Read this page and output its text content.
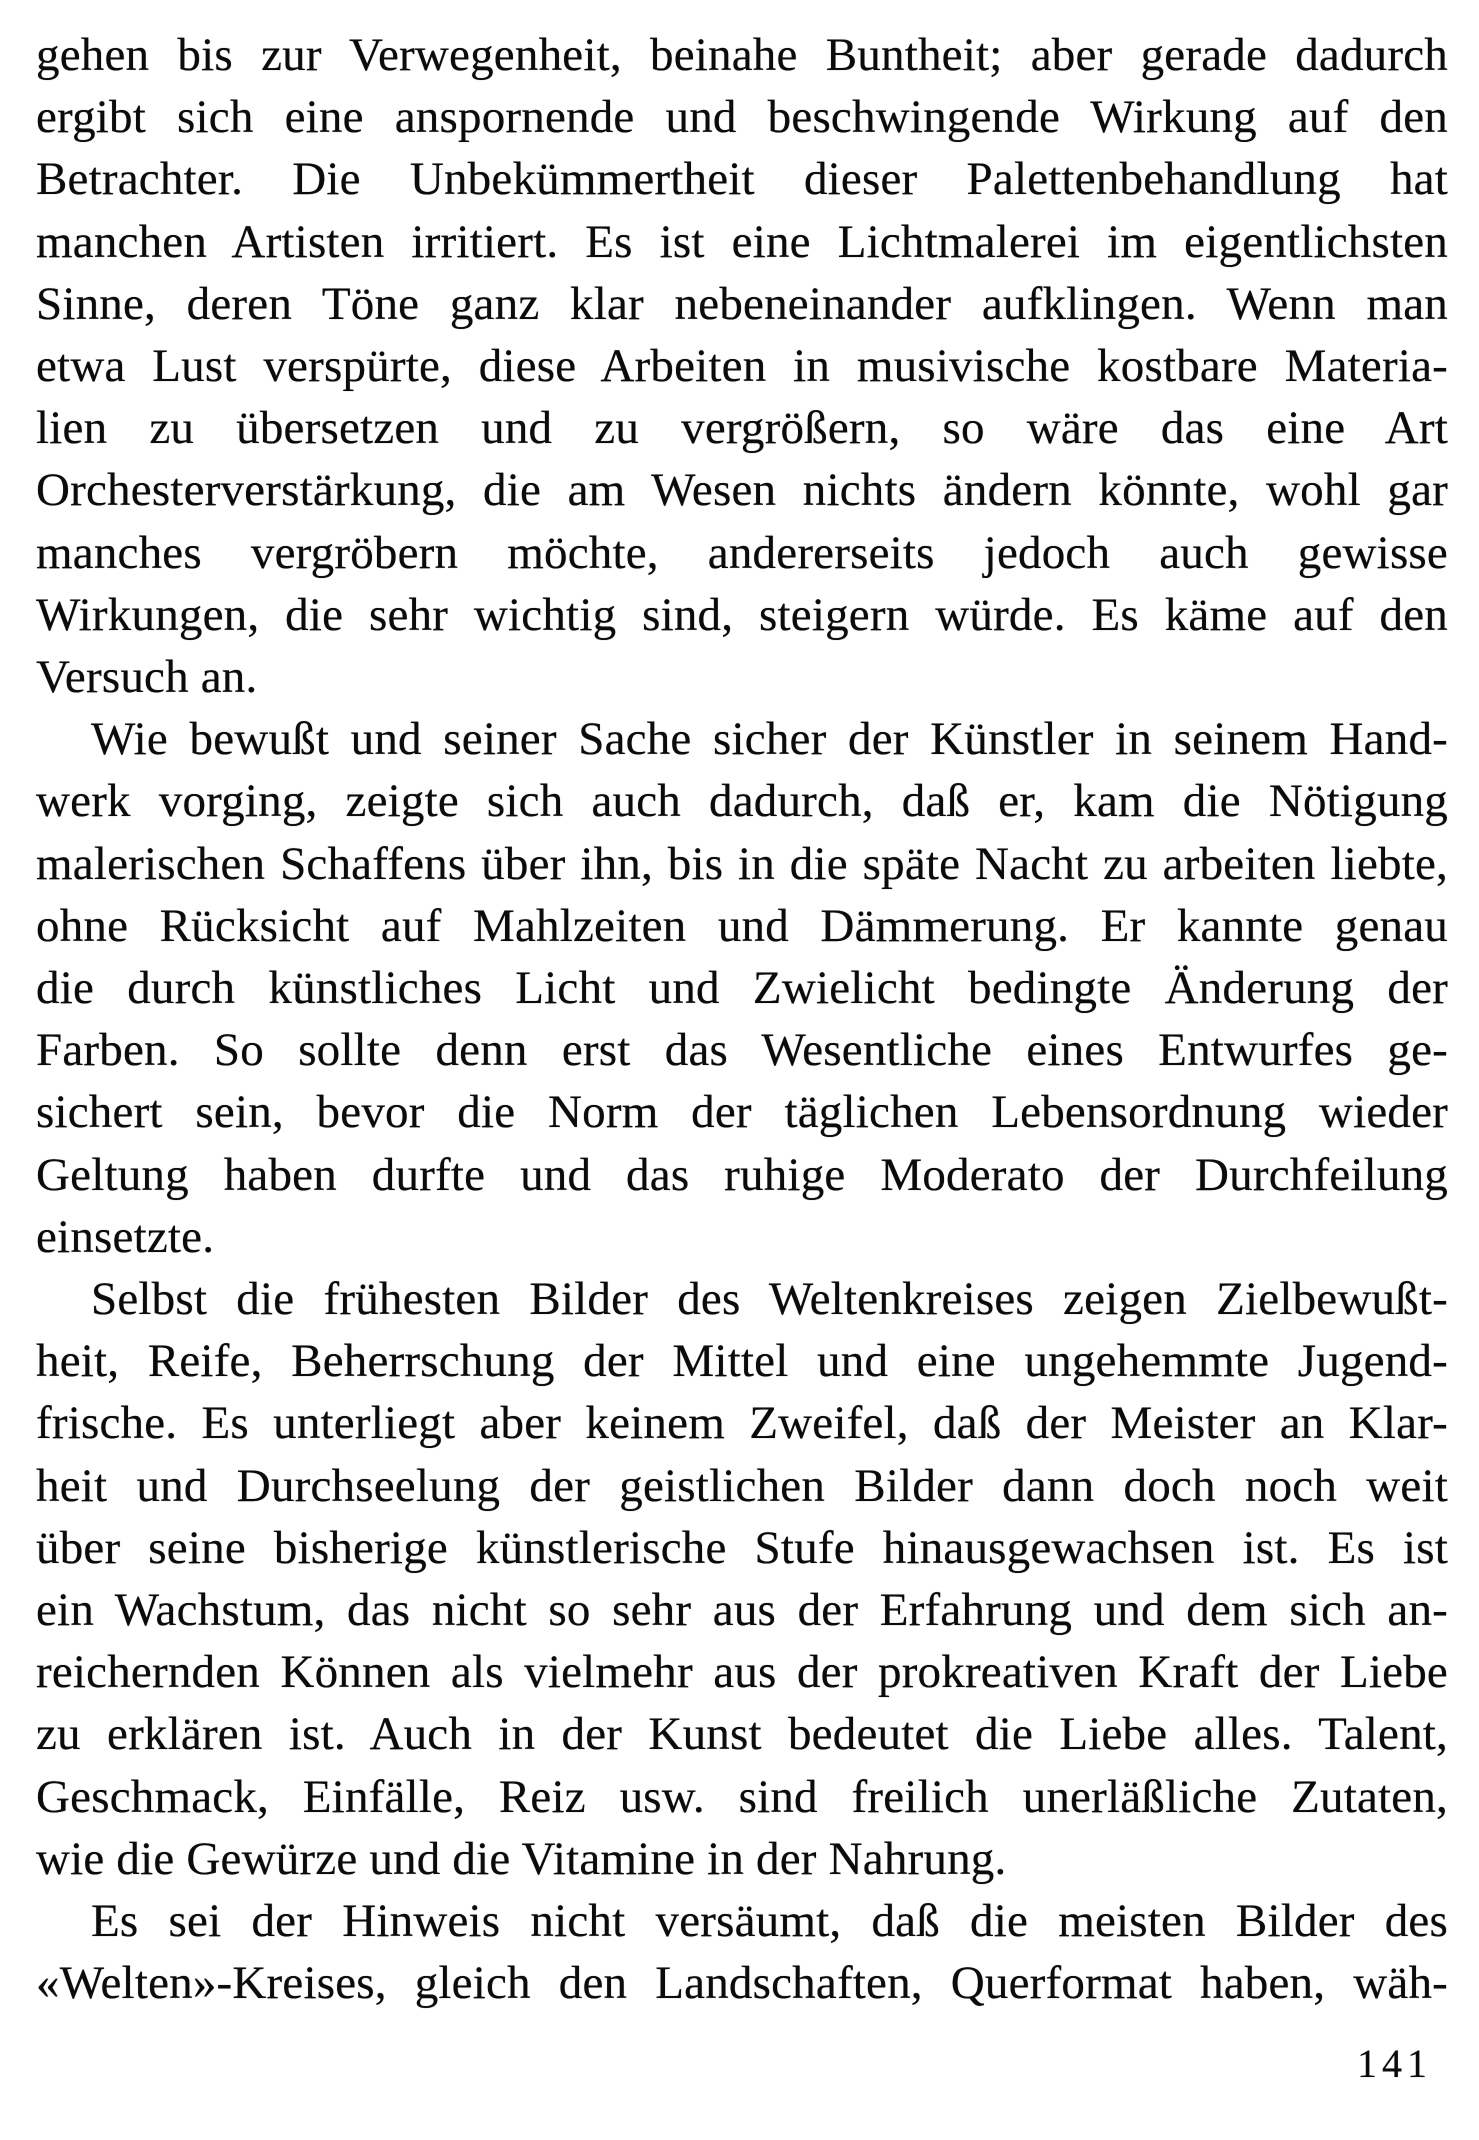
gehen bis zur Verwegenheit, beinahe Buntheit; aber gerade dadurch
ergibt sich eine anspornende und beschwingende Wirkung auf den
Betrachter. Die Unbekümmertheit dieser Palettenbehandlung hat
manchen Artisten irritiert. Es ist eine Lichtmalerei im eigentlichsten
Sinne, deren Töne ganz klar nebeneinander aufklingen. Wenn man
etwa Lust verspürte, diese Arbeiten in musivische kostbare Materia-
lien zu übersetzen und zu vergrößern, so wäre das eine Art
Orchesterverstärkung, die am Wesen nichts ändern könnte, wohl gar
manches vergröbern möchte, andererseits jedoch auch gewisse
Wirkungen, die sehr wichtig sind, steigern würde. Es käme auf den
Versuch an.
Wie bewußt und seiner Sache sicher der Künstler in seinem Hand-
werk vorging, zeigte sich auch dadurch, daß er, kam die Nötigung
malerischen Schaffens über ihn, bis in die späte Nacht zu arbeiten liebte,
ohne Rücksicht auf Mahlzeiten und Dämmerung. Er kannte genau
die durch künstliches Licht und Zwielicht bedingte Änderung der
Farben. So sollte denn erst das Wesentliche eines Entwurfes ge-
sichert sein, bevor die Norm der täglichen Lebensordnung wieder
Geltung haben durfte und das ruhige Moderato der Durchfeilung
einsetzte.
Selbst die frühesten Bilder des Weltenkreises zeigen Zielbewußt-
heit, Reife, Beherrschung der Mittel und eine ungehemmte Jugend-
frische. Es unterliegt aber keinem Zweifel, daß der Meister an Klar-
heit und Durchseelung der geistlichen Bilder dann doch noch weit
über seine bisherige künstlerische Stufe hinausgewachsen ist. Es ist
ein Wachstum, das nicht so sehr aus der Erfahrung und dem sich an-
reichernden Können als vielmehr aus der prokreativen Kraft der Liebe
zu erklären ist. Auch in der Kunst bedeutet die Liebe alles. Talent,
Geschmack, Einfälle, Reiz usw. sind freilich unerläßliche Zutaten,
wie die Gewürze und die Vitamine in der Nahrung.
Es sei der Hinweis nicht versäumt, daß die meisten Bilder des
«Welten»-Kreises, gleich den Landschaften, Querformat haben, wäh-
141
